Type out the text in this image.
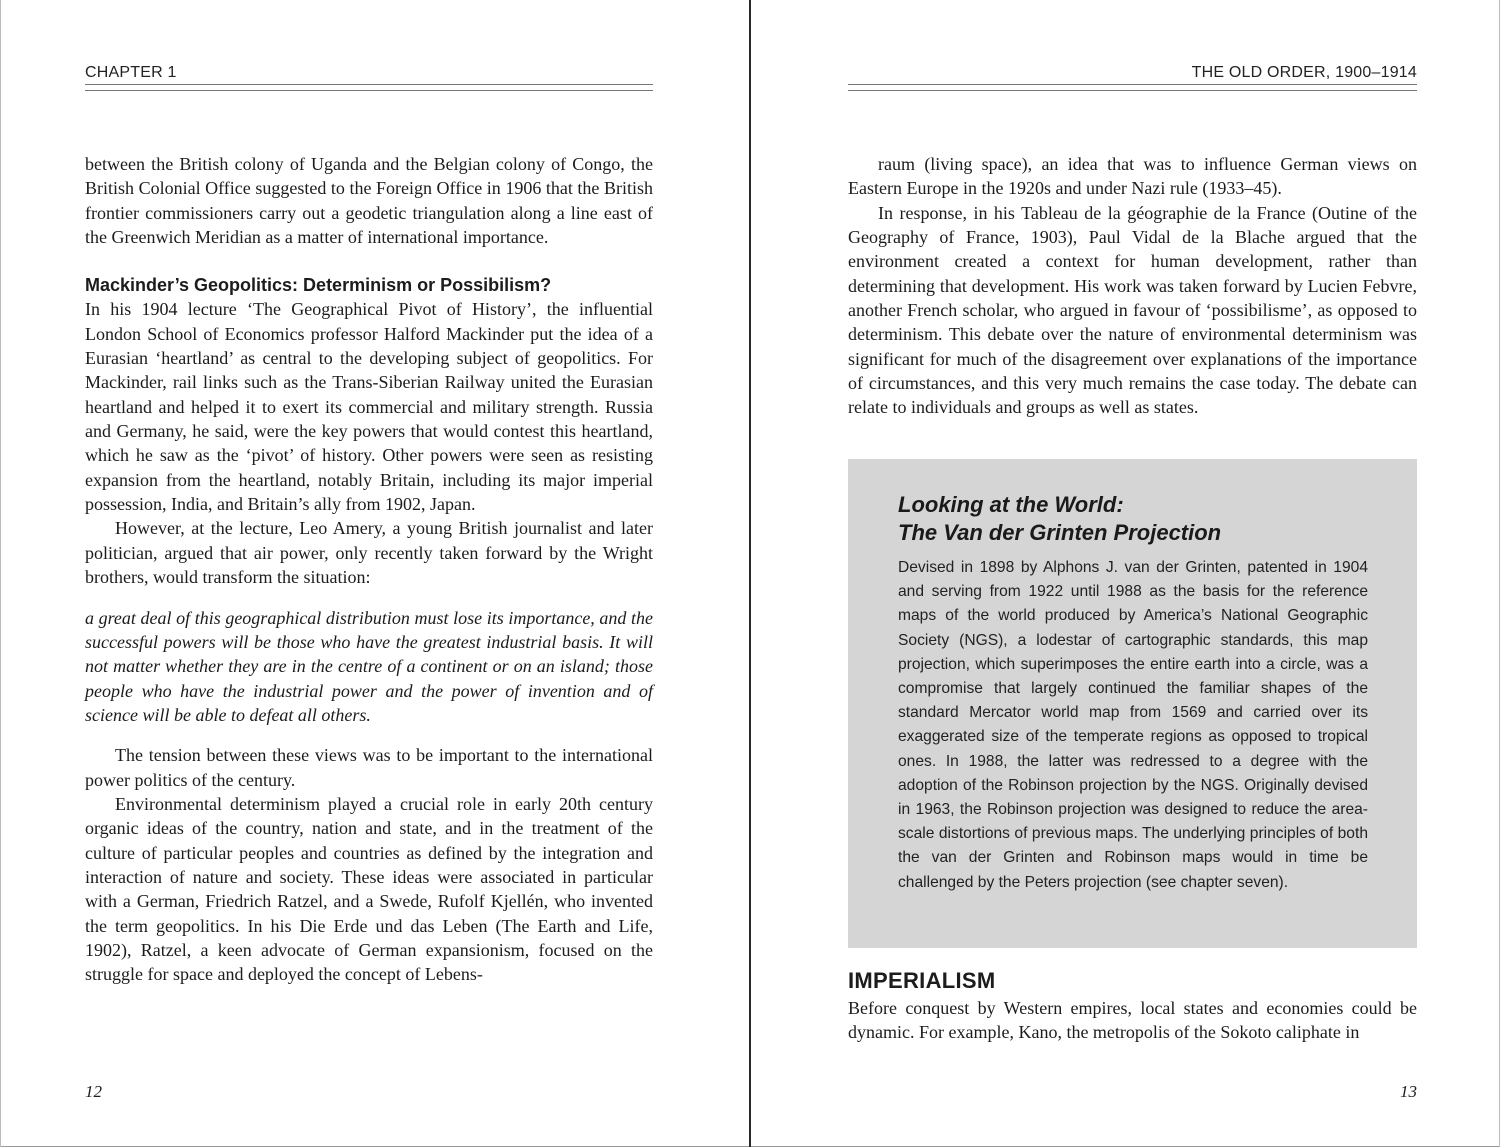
CHAPTER 1

between the British colony of Uganda and the Belgian colony of Congo, the British Colonial Office suggested to the Foreign Office in 1906 that the British frontier commissioners carry out a geodetic triangulation along a line east of the Greenwich Meridian as a matter of international importance.

Mackinder’s Geopolitics: Determinism or Possibilism?

In his 1904 lecture ‘The Geographical Pivot of History’, the influential London School of Economics professor Halford Mackinder put the idea of a Eurasian ‘heartland’ as central to the developing subject of geopolitics. For Mackinder, rail links such as the Trans-Siberian Railway united the Eurasian heartland and helped it to exert its commercial and military strength. Russia and Germany, he said, were the key powers that would contest this heartland, which he saw as the ‘pivot’ of history. Other powers were seen as resisting expansion from the heartland, notably Britain, including its major imperial possession, India, and Britain’s ally from 1902, Japan.

However, at the lecture, Leo Amery, a young British journalist and later politician, argued that air power, only recently taken forward by the Wright brothers, would transform the situation:

a great deal of this geographical distribution must lose its importance, and the successful powers will be those who have the greatest industrial basis. It will not matter whether they are in the centre of a continent or on an island; those people who have the industrial power and the power of invention and of science will be able to defeat all others.

The tension between these views was to be important to the international power politics of the century.

Environmental determinism played a crucial role in early 20th century organic ideas of the country, nation and state, and in the treatment of the culture of particular peoples and countries as defined by the integration and interaction of nature and society. These ideas were associated in particular with a German, Friedrich Ratzel, and a Swede, Rufolf Kjellén, who invented the term geopolitics. In his Die Erde und das Leben (The Earth and Life, 1902), Ratzel, a keen advocate of German expansionism, focused on the struggle for space and deployed the concept of Lebens-

12
THE OLD ORDER, 1900–1914

raum (living space), an idea that was to influence German views on Eastern Europe in the 1920s and under Nazi rule (1933–45).

In response, in his Tableau de la géographie de la France (Outine of the Geography of France, 1903), Paul Vidal de la Blache argued that the environment created a context for human development, rather than determining that development. His work was taken forward by Lucien Febvre, another French scholar, who argued in favour of ‘possibilisme’, as opposed to determinism. This debate over the nature of environmental determinism was significant for much of the disagreement over explanations of the importance of circumstances, and this very much remains the case today. The debate can relate to individuals and groups as well as states.

Looking at the World:
The Van der Grinten Projection

Devised in 1898 by Alphons J. van der Grinten, patented in 1904 and serving from 1922 until 1988 as the basis for the reference maps of the world produced by America’s National Geographic Society (NGS), a lodestar of cartographic standards, this map projection, which superimposes the entire earth into a circle, was a compromise that largely continued the familiar shapes of the standard Mercator world map from 1569 and carried over its exaggerated size of the temperate regions as opposed to tropical ones. In 1988, the latter was redressed to a degree with the adoption of the Robinson projection by the NGS. Originally devised in 1963, the Robinson projection was designed to reduce the area-scale distortions of previous maps. The underlying principles of both the van der Grinten and Robinson maps would in time be challenged by the Peters projection (see chapter seven).

IMPERIALISM

Before conquest by Western empires, local states and economies could be dynamic. For example, Kano, the metropolis of the Sokoto caliphate in

13
